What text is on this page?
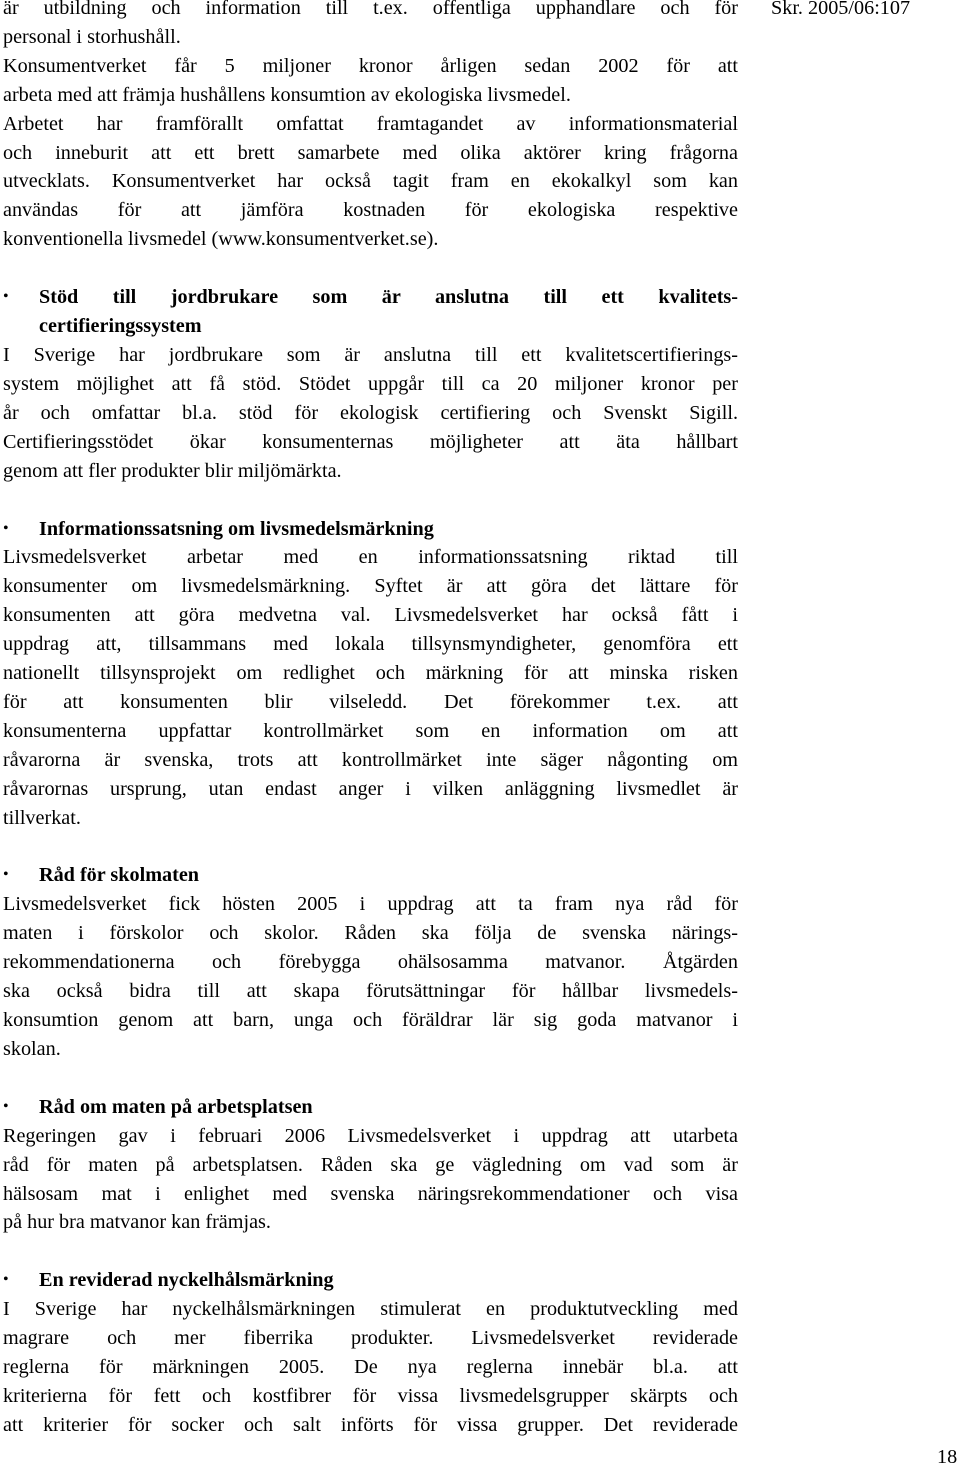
Skr. 2005/06:107
är utbildning och information till t.ex. offentliga upphandlare och för
personal i storhushåll.
Konsumentverket får 5 miljoner kronor årligen sedan 2002 för att
arbeta med att främja hushållens konsumtion av ekologiska livsmedel.
Arbetet har framförallt omfattat framtagandet av informationsmaterial
och inneburit att ett brett samarbete med olika aktörer kring frågorna
utvecklats. Konsumentverket har också tagit fram en ekokalkyl som kan
användas för att jämföra kostnaden för ekologiska respektive
konventionella livsmedel (www.konsumentverket.se).
•	Stöd till jordbrukare som är anslutna till ett kvalitets-
certifieringssystem
I Sverige har jordbrukare som är anslutna till ett kvalitetscertifierings-
system möjlighet att få stöd. Stödet uppgår till ca 20 miljoner kronor per
år och omfattar bl.a. stöd för ekologisk certifiering och Svenskt Sigill.
Certifieringsstödet ökar konsumenternas möjligheter att äta hållbart
genom att fler produkter blir miljömärkta.
•	Informationssatsning om livsmedelsmärkning
Livsmedelsverket arbetar med en informationssatsning riktad till
konsumenter om livsmedelsmärkning. Syftet är att göra det lättare för
konsumenten att göra medvetna val. Livsmedelsverket har också fått i
uppdrag att, tillsammans med lokala tillsynsmyndigheter, genomföra ett
nationellt tillsynsprojekt om redlighet och märkning för att minska risken
för att konsumenten blir vilseledd. Det förekommer t.ex. att
konsumenterna uppfattar kontrollmärket som en information om att
råvarorna är svenska, trots att kontrollmärket inte säger någonting om
råvarornas ursprung, utan endast anger i vilken anläggning livsmedlet är
tillverkat.
•	Råd för skolmaten
Livsmedelsverket fick hösten 2005 i uppdrag att ta fram nya råd för
maten i förskolor och skolor. Råden ska följa de svenska närings-
rekommendationerna och förebygga ohälsosamma matvanor. Åtgärden
ska också bidra till att skapa förutsättningar för hållbar livsmedels-
konsumtion genom att barn, unga och föräldrar lär sig goda matvanor i
skolan.
•	Råd om maten på arbetsplatsen
Regeringen gav i februari 2006 Livsmedelsverket i uppdrag att utarbeta
råd för maten på arbetsplatsen. Råden ska ge vägledning om vad som är
hälsosam mat i enlighet med svenska näringsrekommendationer och visa
på hur bra matvanor kan främjas.
•	En reviderad nyckelhålsmärkning
I Sverige har nyckelhålsmärkningen stimulerat en produktutveckling med
magrare och mer fiberrika produkter. Livsmedelsverket reviderade
reglerna för märkningen 2005. De nya reglerna innebär bl.a. att
kriterierna för fett och kostfibrer för vissa livsmedelsgrupper skärpts och
att kriterier för socker och salt införts för vissa grupper. Det reviderade
18
